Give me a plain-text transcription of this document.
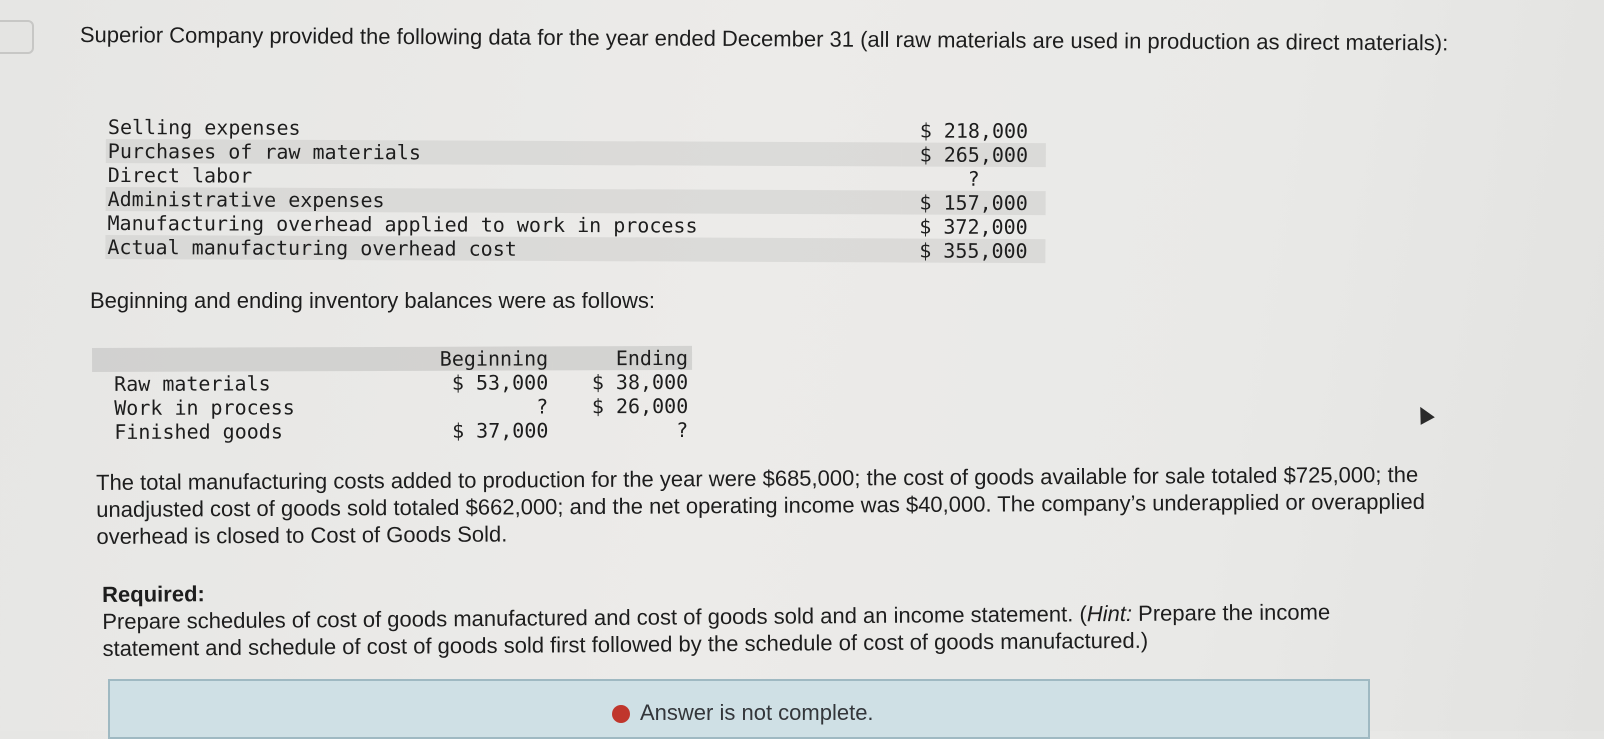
Superior Company provided the following data for the year ended December 31 (all raw materials are used in production as direct materials):

Selling expenses	$ 218,000
Purchases of raw materials	$ 265,000
Direct labor	?
Administrative expenses	$ 157,000
Manufacturing overhead applied to work in process	$ 372,000
Actual manufacturing overhead cost	$ 355,000

Beginning and ending inventory balances were as follows:

	Beginning	Ending
Raw materials	$ 53,000	$ 38,000
Work in process	?	$ 26,000
Finished goods	$ 37,000	?

The total manufacturing costs added to production for the year were $685,000; the cost of goods available for sale totaled $725,000; the unadjusted cost of goods sold totaled $662,000; and the net operating income was $40,000. The company’s underapplied or overapplied overhead is closed to Cost of Goods Sold.

Required:

Prepare schedules of cost of goods manufactured and cost of goods sold and an income statement. (Hint: Prepare the income statement and schedule of cost of goods sold first followed by the schedule of cost of goods manufactured.)

Answer is not complete.
